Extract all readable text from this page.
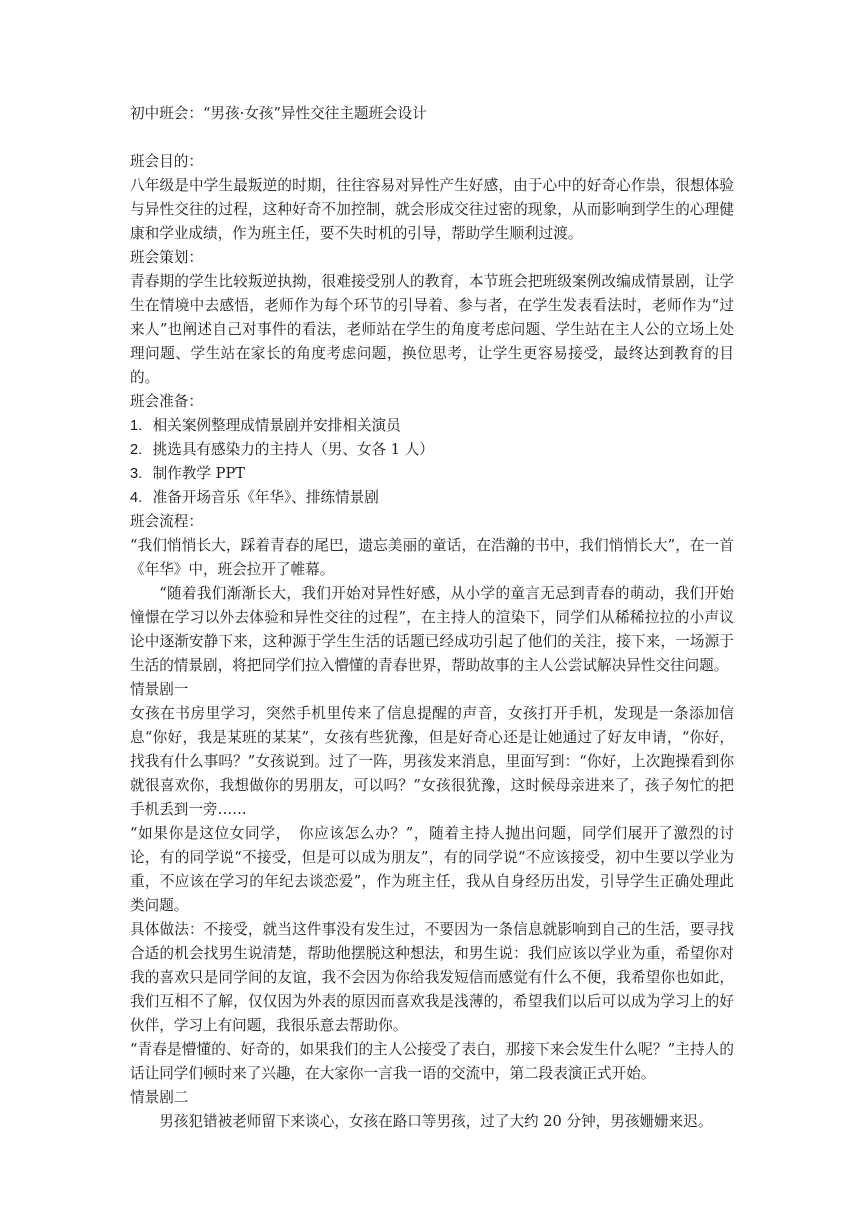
初中班会：“男孩·女孩”异性交往主题班会设计

班会目的：

八年级是中学生最叛逆的时期，往往容易对异性产生好感，由于心中的好奇心作祟，很想体验与异性交往的过程，这种好奇不加控制，就会形成交往过密的现象，从而影响到学生的心理健康和学业成绩，作为班主任，要不失时机的引导，帮助学生顺利过渡。

班会策划：

青春期的学生比较叛逆执拗，很难接受别人的教育，本节班会把班级案例改编成情景剧，让学生在情境中去感悟，老师作为每个环节的引导着、参与者，在学生发表看法时，老师作为“过来人”也阐述自己对事件的看法，老师站在学生的角度考虑问题、学生站在主人公的立场上处理问题、学生站在家长的角度考虑问题，换位思考，让学生更容易接受，最终达到教育的目的。

班会准备：

1. 相关案例整理成情景剧并安排相关演员

2. 挑选具有感染力的主持人（男、女各 1 人）

3. 制作教学 PPT

4. 准备开场音乐《年华》、排练情景剧

班会流程：

“我们悄悄长大，踩着青春的尾巴，遗忘美丽的童话，在浩瀚的书中，我们悄悄长大”，在一首《年华》中，班会拉开了帷幕。

“随着我们渐渐长大，我们开始对异性好感，从小学的童言无忌到青春的萌动，我们开始憧憬在学习以外去体验和异性交往的过程”，在主持人的渲染下，同学们从稀稀拉拉的小声议论中逐渐安静下来，这种源于学生生活的话题已经成功引起了他们的关注，接下来，一场源于生活的情景剧，将把同学们拉入懵懂的青春世界，帮助故事的主人公尝试解决异性交往问题。

情景剧一

女孩在书房里学习，突然手机里传来了信息提醒的声音，女孩打开手机，发现是一条添加信息“你好，我是某班的某某”，女孩有些犹豫，但是好奇心还是让她通过了好友申请，“你好，找我有什么事吗？”女孩说到。过了一阵，男孩发来消息，里面写到：“你好，上次跑操看到你就很喜欢你，我想做你的男朋友，可以吗？”女孩很犹豫，这时候母亲进来了，孩子匆忙的把手机丢到一旁……

“如果你是这位女同学，　你应该怎么办？”，随着主持人抛出问题，同学们展开了激烈的讨论，有的同学说“不接受，但是可以成为朋友”，有的同学说“不应该接受，初中生要以学业为重，不应该在学习的年纪去谈恋爱”，作为班主任，我从自身经历出发，引导学生正确处理此类问题。

具体做法：不接受，就当这件事没有发生过，不要因为一条信息就影响到自己的生活，要寻找合适的机会找男生说清楚，帮助他摆脱这种想法，和男生说：我们应该以学业为重，希望你对我的喜欢只是同学间的友谊，我不会因为你给我发短信而感觉有什么不便，我希望你也如此，我们互相不了解，仅仅因为外表的原因而喜欢我是浅薄的，希望我们以后可以成为学习上的好伙伴，学习上有问题，我很乐意去帮助你。

“青春是懵懂的、好奇的，如果我们的主人公接受了表白，那接下来会发生什么呢？”主持人的话让同学们顿时来了兴趣，在大家你一言我一语的交流中，第二段表演正式开始。

情景剧二

男孩犯错被老师留下来谈心，女孩在路口等男孩，过了大约 20 分钟，男孩姗姗来迟。
